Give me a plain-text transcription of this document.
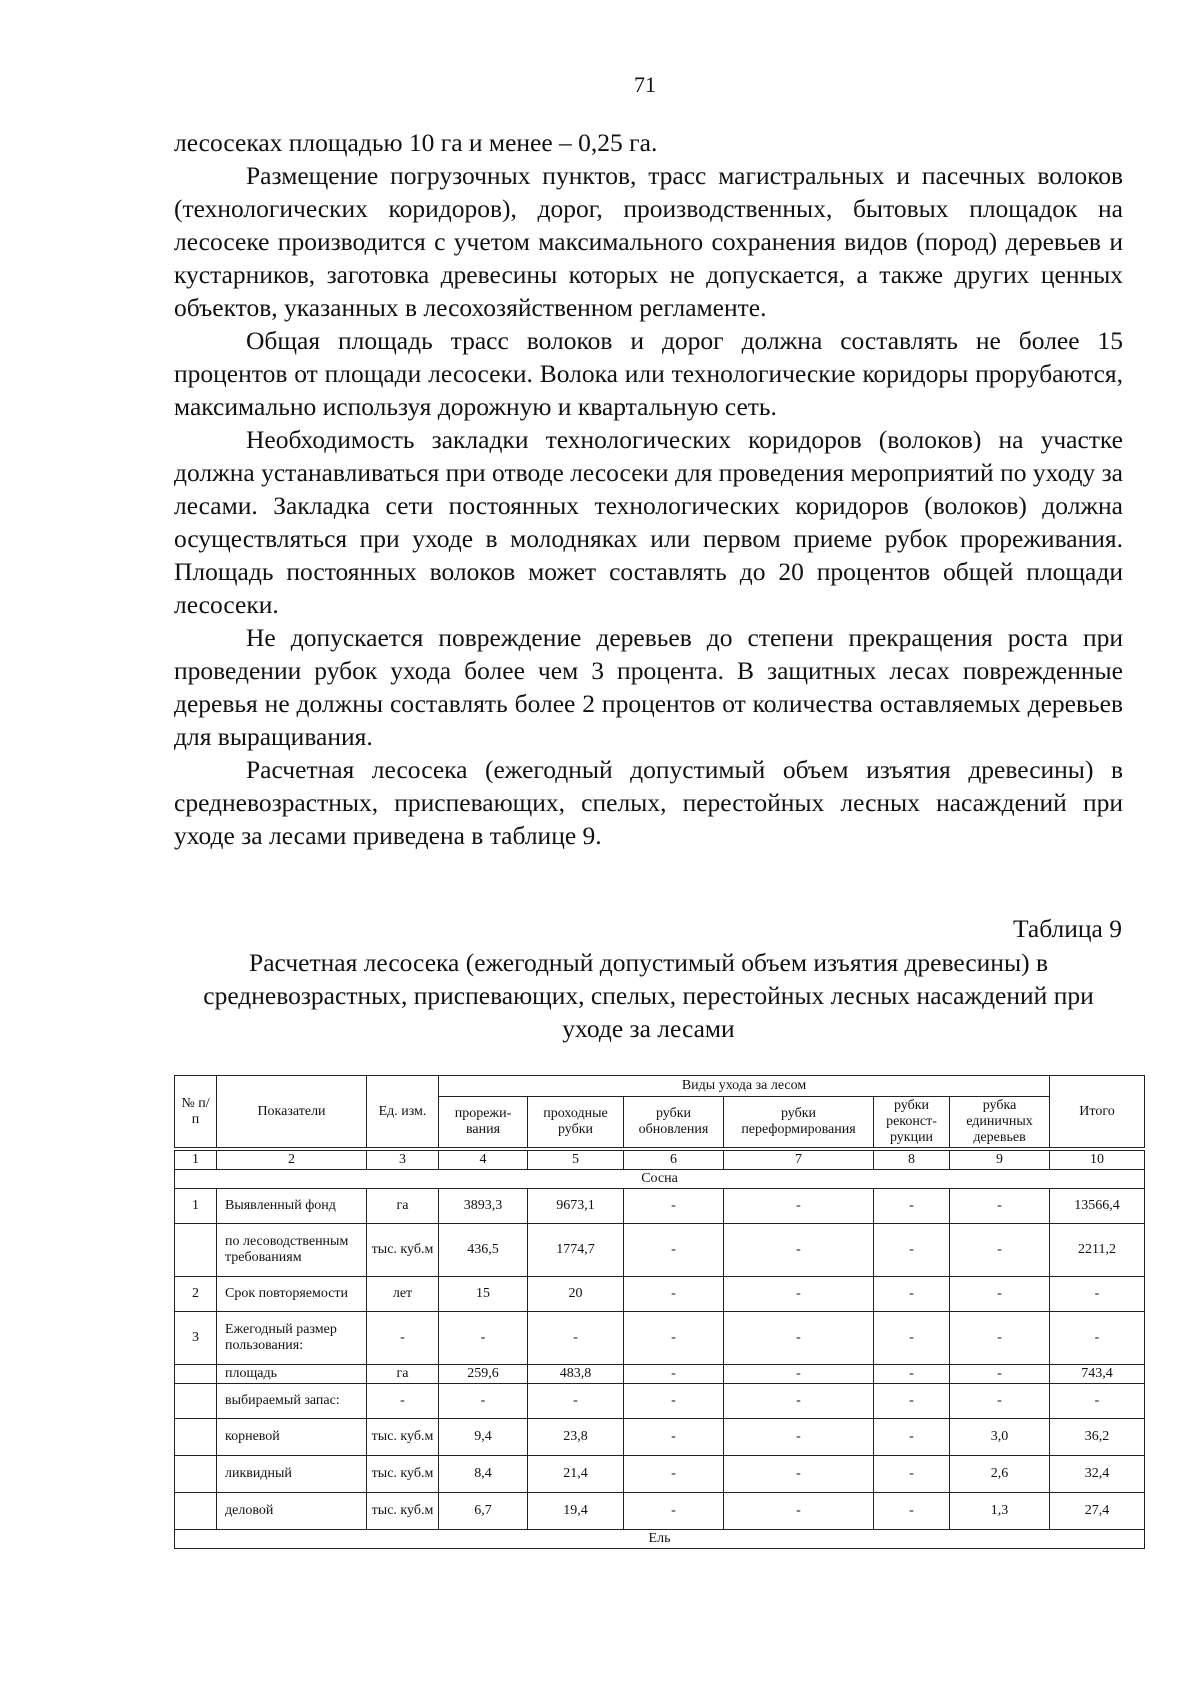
71

лесосеках площадью 10 га и менее – 0,25 га.

Размещение погрузочных пунктов, трасс магистральных и пасечных волоков (технологических коридоров), дорог, производственных, бытовых площадок на лесосеке производится с учетом максимального сохранения видов (пород) деревьев и кустарников, заготовка древесины которых не допускается, а также других ценных объектов, указанных в лесохозяйственном регламенте.

Общая площадь трасс волоков и дорог должна составлять не более 15 процентов от площади лесосеки. Волока или технологические коридоры прорубаются, максимально используя дорожную и квартальную сеть.

Необходимость закладки технологических коридоров (волоков) на участке должна устанавливаться при отводе лесосеки для проведения мероприятий по уходу за лесами. Закладка сети постоянных технологических коридоров (волоков) должна осуществляться при уходе в молодняках или первом приеме рубок прореживания. Площадь постоянных волоков может составлять до 20 процентов общей площади лесосеки.

Не допускается повреждение деревьев до степени прекращения роста при проведении рубок ухода более чем 3 процента. В защитных лесах поврежденные деревья не должны составлять более 2 процентов от количества оставляемых деревьев для выращивания.

Расчетная лесосека (ежегодный допустимый объем изъятия древесины) в средневозрастных, приспевающих, спелых, перестойных лесных насаждений при уходе за лесами приведена в таблице 9.

Таблица 9
Расчетная лесосека (ежегодный допустимый объем изъятия древесины) в средневозрастных, приспевающих, спелых, перестойных лесных насаждений при уходе за лесами
№ п/п	Показатели	Ед. изм.	Виды ухода за лесом						Итого
			прорежи-вания	проходные рубки	рубки обновления	рубки переформирования	рубки реконст-рукции	рубка единичных деревьев	

1	2	3	4	5	6	7	8	9	10
Сосна									
1	Выявленный фонд	га	3893,3	9673,1	-	-	-	-	13566,4
	по лесоводственным требованиям	тыс. куб.м	436,5	1774,7	-	-	-	-	2211,2
2	Срок повторяемости	лет	15	20	-	-	-	-	-
3	Ежегодный размер пользования:	-	-	-	-	-	-	-	-
	площадь	га	259,6	483,8	-	-	-	-	743,4
	выбираемый запас:	-	-	-	-	-	-	-	-
	корневой	тыс. куб.м	9,4	23,8	-	-	-	3,0	36,2
	ликвидный	тыс. куб.м	8,4	21,4	-	-	-	2,6	32,4
	деловой	тыс. куб.м	6,7	19,4	-	-	-	1,3	27,4
Ель									
